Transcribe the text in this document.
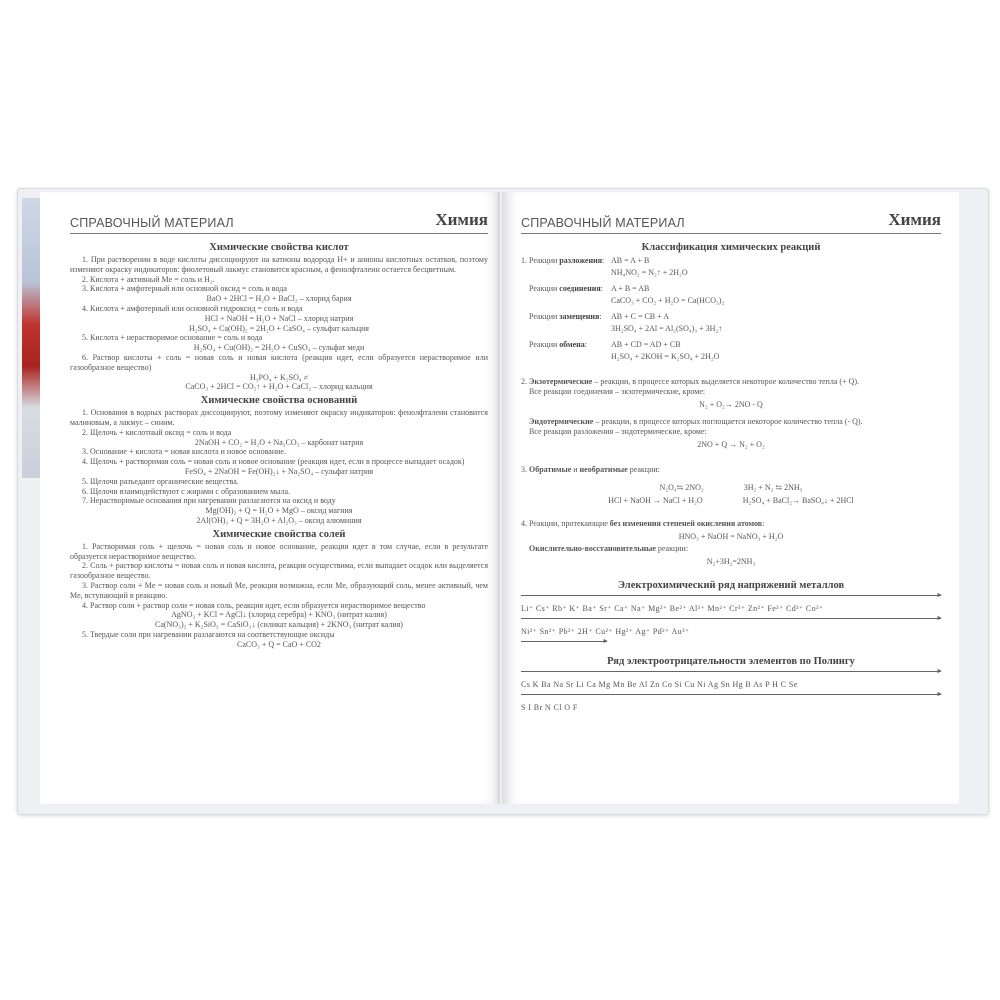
СПРАВОЧНЫЙ МАТЕРИАЛ	Химия
Химические свойства кислот

1. При растворении в воде кислоты диссоциируют на катионы водорода H+ и анионы кислотных остатков, поэтому изменяют окраску индикаторов: фиолетовый лакмус становится красным, а фенолфталеин остается бесцветным.

2. Кислота + активный Me = соль и H₂.

3. Кислота + амфотерный или основной оксид = соль и вода

BaO + 2HCl = H₂O + BaCl₂ – хлорид бария

4. Кислота + амфотерный или основной гидроксид = соль и вода

HCl + NaOH = H₂O + NaCl – хлорид натрия

H₂SO₄ + Ca(OH)₂ = 2H₂O + CaSO₄ – сульфат кальция

5. Кислота + нерастворимое основание = соль и вода

H₂SO₄ + Cu(OH)₂ = 2H₂O + CuSO₄ – сульфат меди

6. Раствор кислоты + соль = новая соль и новая кислота (реакция идет, если образуется нерастворимое или газообразное вещество)

H₃PO₄ + K₂SO₄ ≠

CaCO₃ + 2HCl = CO₂↑ + H₂O + CaCl₂ – хлорид кальция

Химические свойства оснований

1. Основания в водных растворах диссоциируют, поэтому изменяют окраску индикаторов: фенолфталеин становится малиновым, а лакмус – синим.

2. Щелочь + кислотный оксид = соль и вода

2NaOH + CO₂ = H₂O + Na₂CO₃ – карбонат натрия

3. Основание + кислота = новая кислота и новое основание.

4. Щелочь + растворимая соль = новая соль и новое основание (реакция идет, если в процессе выпадает осадок)

FeSO₄ + 2NaOH = Fe(OH)₂↓ + Na₂SO₄ – сульфат натрия

5. Щелочи разъедают органические вещества.

6. Щелочи взаимодействуют с жирами с образованием мыла.

7. Нерастворимые основания при нагревании разлагаются на оксид и воду

Mg(OH)₂ + Q = H₂O + MgO – оксид магния

2Al(OH)₃ + Q = 3H₂O + Al₂O₃ – оксид алюминия

Химические свойства солей

1. Растворимая соль + щелочь = новая соль и новое основание, реакция идет в том случае, если в результате образуется нерастворимое вещество.

2. Соль + раствор кислоты = новая соль и новая кислота, реакция осуществима, если выпадает осадок или выделяется газообразное вещество.

3. Раствор соли + Me = новая соль и новый Me, реакция возможна, если Me, образующий соль, менее активный, чем Me, вступающий в реакцию.

4. Раствор соли + раствор соли = новая соль, реакция идет, если образуется нерастворимое вещество

AgNO₃ + KCl = AgCl↓ (хлорид серебра) + KNO₃ (нитрат калия)

Ca(NO₃)₂ + K₂SiO₃ = CaSiO₃↓ (силикат кальция) + 2KNO₃ (нитрат калия)

5. Твердые соли при нагревании разлагаются на соответствующие оксиды

CaCO₃ + Q = CaO + CO2

СПРАВОЧНЫЙ МАТЕРИАЛ	Химия
Классификация химических реакций
1. Реакции разложения: AB = A + B
NH₄NO₂ = N₂↑ + 2H₂O
Реакции соединения:	A + B = AB
CaCO₃ + CO₂ + H₂O = Ca(HCO₃)₂
Реакции замещения:	AB + C = CB + A
3H₂SO₄ + 2Al = Al₂(SO₄)₃ + 3H₂↑
Реакции обмена:	AB + CD = AD + CB
H₂SO₄ + 2KOH = K₂SO₄ + 2H₂O

2. Экзотермические – реакции, в процессе которых выделяется некоторое количество тепла (+ Q).

Все реакции соединения – экзотермические, кроме:

N₂ + O₂→ 2NO - Q

Эндотермические – реакции, в процессе которых поглощается некоторое количество тепла (- Q).

Все реакции разложения – эндотермические, кроме:

2NO + Q → N₂ + O₂

3. Обратимые и необратимые реакции:

N₂O₄⇆ 2NO₂	3H₂ + N₂ ⇆ 2NH₃
HCl + NaOH → NaCl + H₂O	H₂SO₄ + BaCl₂→ BaSO₄↓ + 2HCl

4. Реакции, протекающие без изменения степеней окисления атомов:

HNO₃ + NaOH = NaNO₃ + H₂O

Окислительно-восстановительные реакции:

N₂+3H₂=2NH₃

Электрохимический ряд напряжений металлов
►
Li⁺ Cs⁺ Rb⁺ K⁺ Ba⁺ Sr⁺ Ca⁺ Na⁺ Mg²⁺ Be²⁺ Al³⁺ Mn²⁺ Cr³⁺ Zn²⁺ Fe²⁺ Cd²⁺ Co²⁺
►
Ni²⁺ Sn²⁺ Pb²⁺ 2H⁺ Cu²⁺ Hg²⁺ Ag⁺ Pd²⁺ Au³⁺
►
Ряд электроотрицательности элементов по Полингу
►
Cs K Ba Na Sr Li Ca Mg Mn Be Al Zn Co Si Cu Ni Ag Sn Hg B As P H C Se
►
S I Br N Cl O F
